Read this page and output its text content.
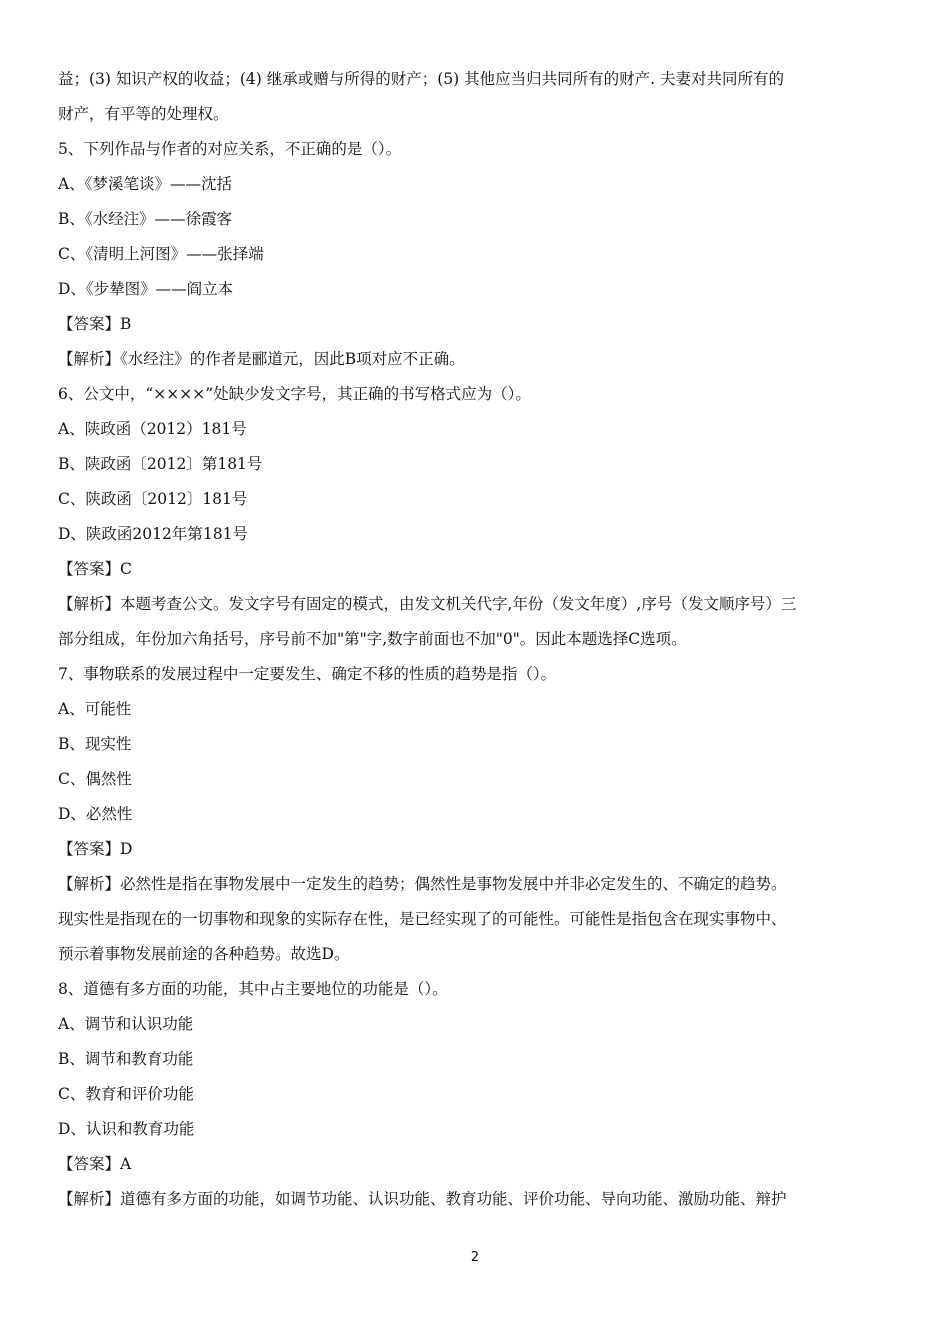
益；(3) 知识产权的收益；(4) 继承或赠与所得的财产；(5) 其他应当归共同所有的财产. 夫妻对共同所有的
财产，有平等的处理权。
5、下列作品与作者的对应关系，不正确的是（）。
A、《梦溪笔谈》——沈括
B、《水经注》——徐霞客
C、《清明上河图》——张择端
D、《步辇图》——阎立本
【答案】B
【解析】《水经注》的作者是郦道元，因此B项对应不正确。
6、公文中，“××××”处缺少发文字号，其正确的书写格式应为（）。
A、陕政函（2012）181号
B、陕政函〔2012〕第181号
C、陕政函〔2012〕181号
D、陕政函2012年第181号
【答案】C
【解析】本题考查公文。发文字号有固定的模式，由发文机关代字,年份（发文年度）,序号（发文顺序号）三
部分组成，年份加六角括号，序号前不加"第"字,数字前面也不加"0"。因此本题选择C选项。
7、事物联系的发展过程中一定要发生、确定不移的性质的趋势是指（）。
A、可能性
B、现实性
C、偶然性
D、必然性
【答案】D
【解析】必然性是指在事物发展中一定发生的趋势；偶然性是事物发展中并非必定发生的、不确定的趋势。
现实性是指现在的一切事物和现象的实际存在性，是已经实现了的可能性。可能性是指包含在现实事物中、
预示着事物发展前途的各种趋势。故选D。
8、道德有多方面的功能，其中占主要地位的功能是（）。
A、调节和认识功能
B、调节和教育功能
C、教育和评价功能
D、认识和教育功能
【答案】A
【解析】道德有多方面的功能，如调节功能、认识功能、教育功能、评价功能、导向功能、激励功能、辩护
2
